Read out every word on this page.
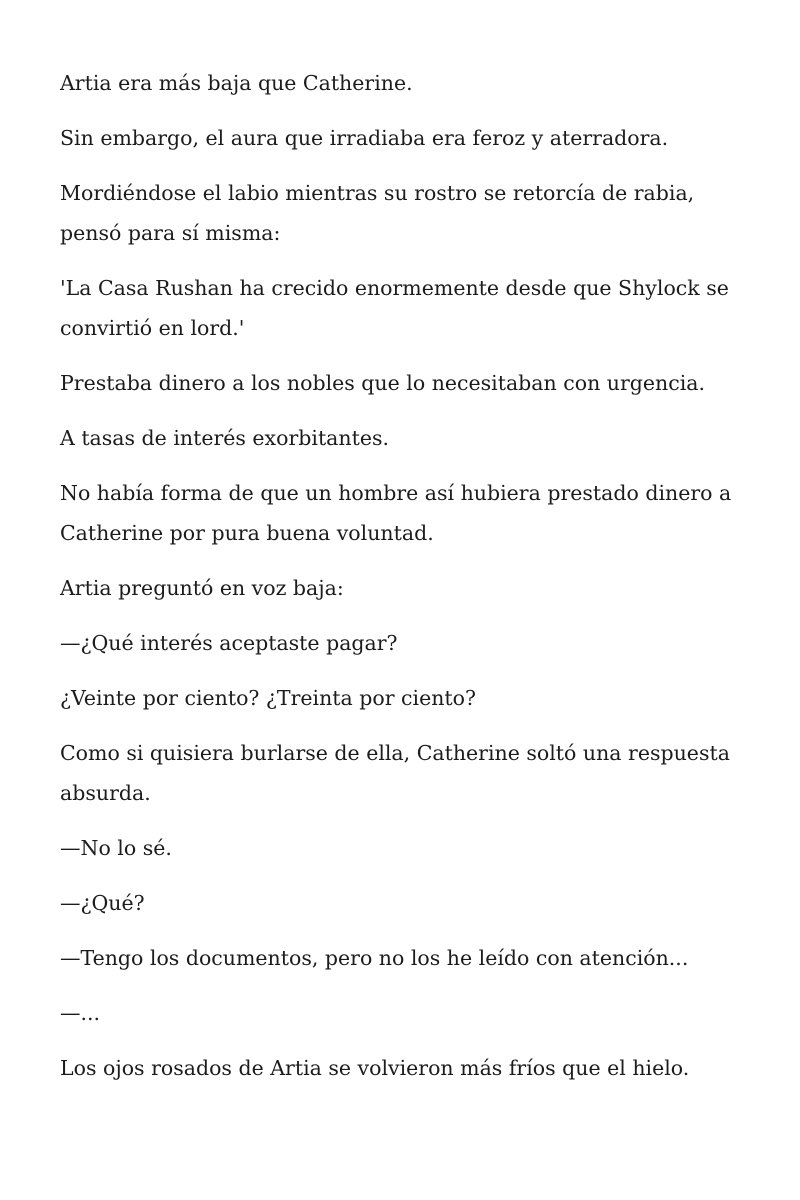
Artia era más baja que Catherine.

Sin embargo, el aura que irradiaba era feroz y aterradora.

Mordiéndose el labio mientras su rostro se retorcía de rabia, pensó para sí misma:

'La Casa Rushan ha crecido enormemente desde que Shylock se convirtió en lord.'

Prestaba dinero a los nobles que lo necesitaban con urgencia.

A tasas de interés exorbitantes.

No había forma de que un hombre así hubiera prestado dinero a Catherine por pura buena voluntad.

Artia preguntó en voz baja:

—¿Qué interés aceptaste pagar?

¿Veinte por ciento? ¿Treinta por ciento?

Como si quisiera burlarse de ella, Catherine soltó una respuesta absurda.

—No lo sé.

—¿Qué?

—Tengo los documentos, pero no los he leído con atención...

—...

Los ojos rosados de Artia se volvieron más fríos que el hielo.
